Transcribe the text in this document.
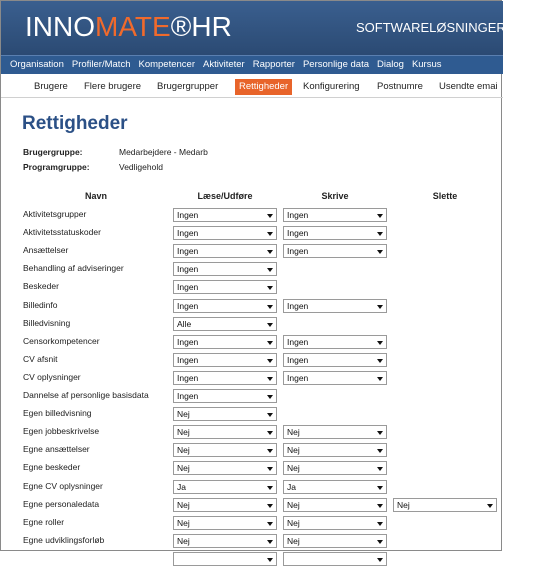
INNOMATE®HR	SOFTWARELØSNINGER TIL ST
Organisation Profiler/Match Kompetencer Aktiviteter Rapporter Personlige data Dialog Kursus
Brugere Flere brugere Brugergrupper	Rettigheder	Konfigurering Postnumre Usendte emai
Rettigheder
Brugergruppe:	Medarbejdere - Medarb
Programgruppe:	Vedligehold
Navn	Læse/Udføre	Skrive	Slette
Aktivitetsgrupper	Ingen	Ingen
Aktivitetsstatuskoder	Ingen	Ingen
Ansættelser	Ingen	Ingen
Behandling af adviseringer	Ingen
Beskeder	Ingen
Billedinfo	Ingen	Ingen
Billedvisning	Alle
Censorkompetencer	Ingen	Ingen
CV afsnit	Ingen	Ingen
CV oplysninger	Ingen	Ingen
Dannelse af personlige basisdata	Ingen
Egen billedvisning	Nej
Egen jobbeskrivelse	Nej	Nej
Egne ansættelser	Nej	Nej
Egne beskeder	Nej	Nej
Egne CV oplysninger	Ja	Ja
Egne personaledata	Nej	Nej	Nej
Egne roller	Nej	Nej
Egne udviklingsforløb	Nej	Nej
